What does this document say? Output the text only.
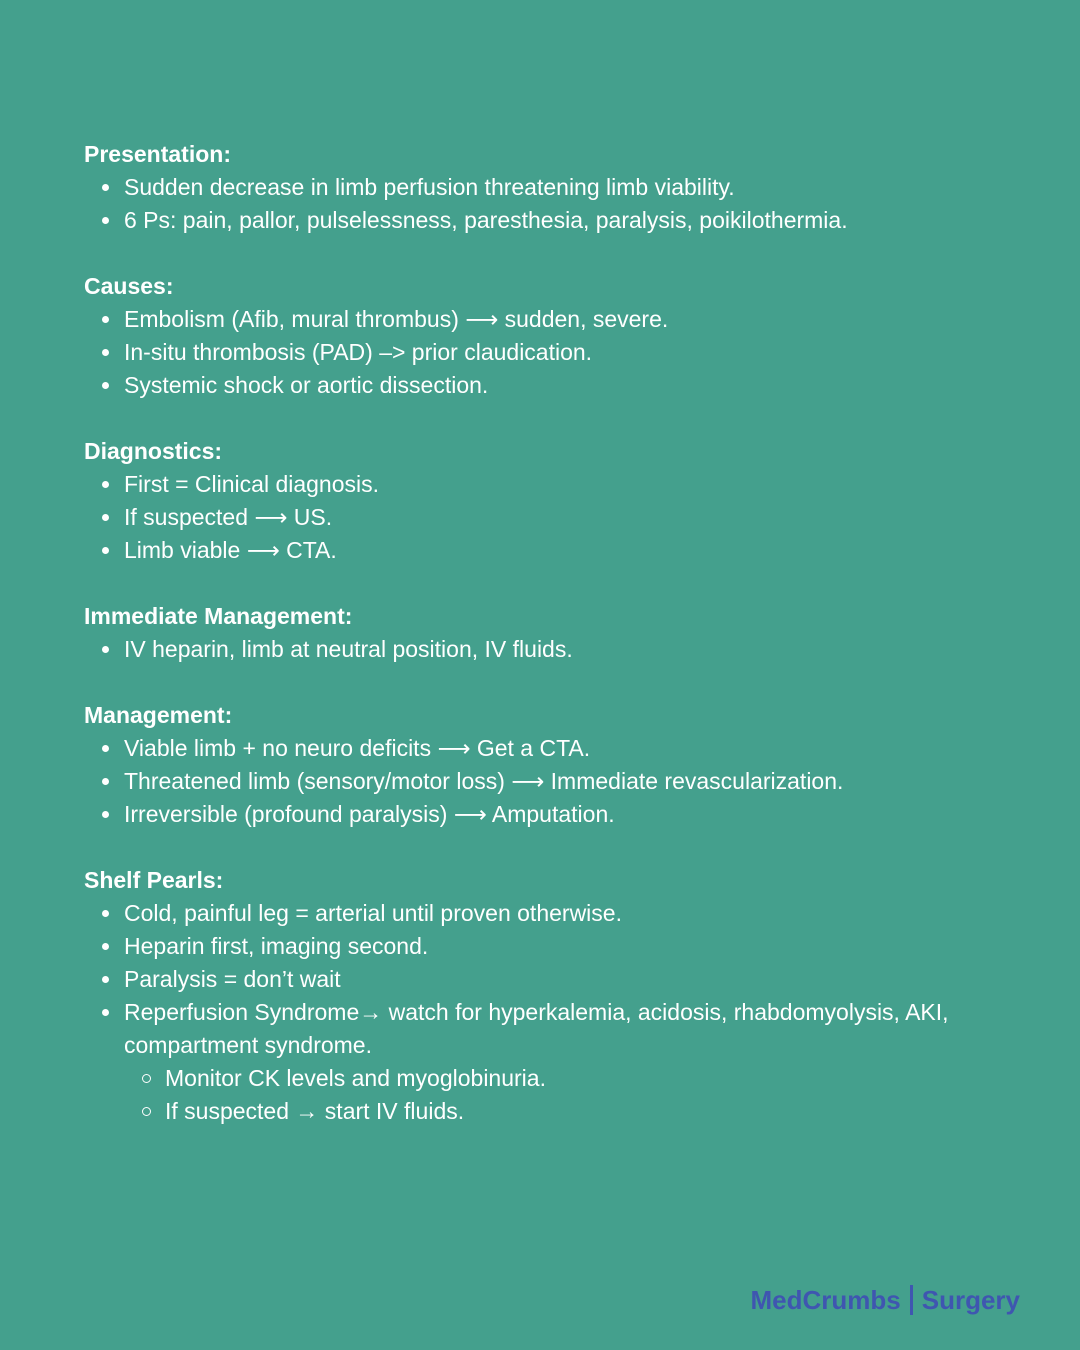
Presentation:
Sudden decrease in limb perfusion threatening limb viability.
6 Ps: pain, pallor, pulselessness, paresthesia, paralysis, poikilothermia.
Causes:
Embolism (Afib, mural thrombus) ⟶ sudden, severe.
In-situ thrombosis (PAD) –> prior claudication.
Systemic shock or aortic dissection.
Diagnostics:
First = Clinical diagnosis.
If suspected ⟶ US.
Limb viable ⟶ CTA.
Immediate Management:
IV heparin, limb at neutral position, IV fluids.
Management:
Viable limb + no neuro deficits ⟶ Get a CTA.
Threatened limb (sensory/motor loss) ⟶ Immediate revascularization.
Irreversible (profound paralysis) ⟶ Amputation.
Shelf Pearls:
Cold, painful leg = arterial until proven otherwise.
Heparin first, imaging second.
Paralysis = don’t wait
Reperfusion Syndrome→ watch for hyperkalemia, acidosis, rhabdomyolysis, AKI, compartment syndrome.
Monitor CK levels and myoglobinuria.
If suspected → start IV fluids.
MedCrumbs Surgery
